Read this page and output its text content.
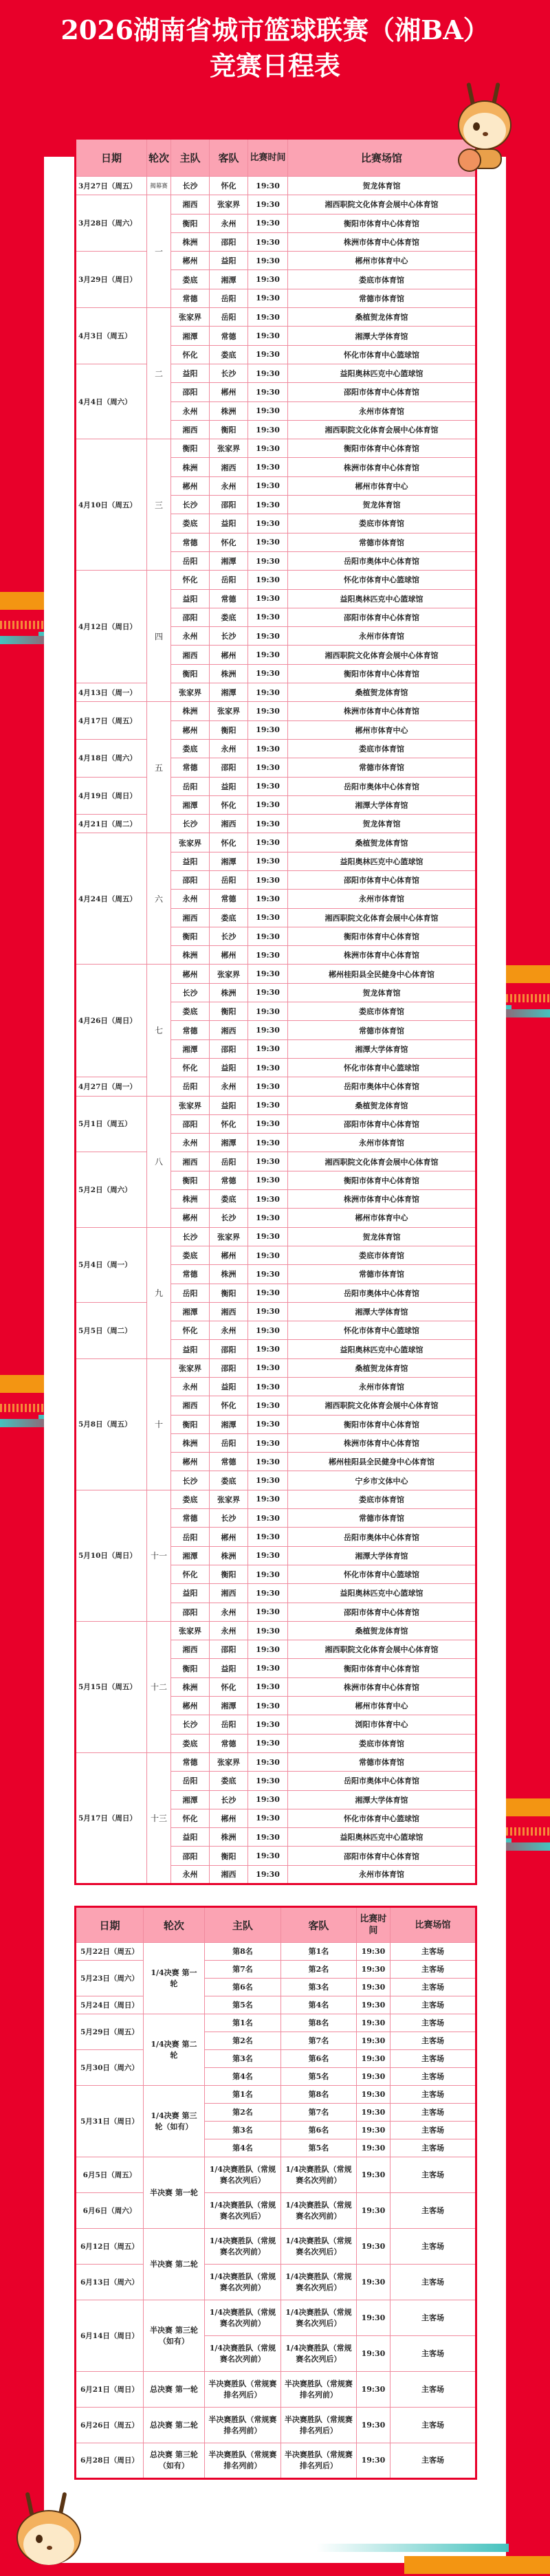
2026湖南省城市篮球联赛（湘BA）
竞赛日程表
日期	轮次	主队	客队	比赛时间	比赛场馆
3月27日（周五）	揭幕赛	长沙	怀化	19:30	贺龙体育馆
3月28日（周六）	一	湘西	张家界	19:30	湘西职院文化体育会展中心体育馆
		衡阳	永州	19:30	衡阳市体育中心体育馆
		株洲	邵阳	19:30	株洲市体育中心体育馆
3月29日（周日）		郴州	益阳	19:30	郴州市体育中心
		娄底	湘潭	19:30	娄底市体育馆
		常德	岳阳	19:30	常德市体育馆
4月3日（周五）	二	张家界	岳阳	19:30	桑植贺龙体育馆
		湘潭	常德	19:30	湘潭大学体育馆
		怀化	娄底	19:30	怀化市体育中心篮球馆
4月4日（周六）		益阳	长沙	19:30	益阳奥林匹克中心篮球馆
		邵阳	郴州	19:30	邵阳市体育中心体育馆
		永州	株洲	19:30	永州市体育馆
		湘西	衡阳	19:30	湘西职院文化体育会展中心体育馆
4月10日（周五）	三	衡阳	张家界	19:30	衡阳市体育中心体育馆
		株洲	湘西	19:30	株洲市体育中心体育馆
		郴州	永州	19:30	郴州市体育中心
		长沙	邵阳	19:30	贺龙体育馆
		娄底	益阳	19:30	娄底市体育馆
		常德	怀化	19:30	常德市体育馆
		岳阳	湘潭	19:30	岳阳市奥体中心体育馆
4月12日（周日）	四	怀化	岳阳	19:30	怀化市体育中心篮球馆
		益阳	常德	19:30	益阳奥林匹克中心篮球馆
		邵阳	娄底	19:30	邵阳市体育中心体育馆
		永州	长沙	19:30	永州市体育馆
		湘西	郴州	19:30	湘西职院文化体育会展中心体育馆
		衡阳	株洲	19:30	衡阳市体育中心体育馆
4月13日（周一）		张家界	湘潭	19:30	桑植贺龙体育馆
4月17日（周五）	五	株洲	张家界	19:30	株洲市体育中心体育馆
		郴州	衡阳	19:30	郴州市体育中心
4月18日（周六）		娄底	永州	19:30	娄底市体育馆
		常德	邵阳	19:30	常德市体育馆
4月19日（周日）		岳阳	益阳	19:30	岳阳市奥体中心体育馆
		湘潭	怀化	19:30	湘潭大学体育馆
4月21日（周二）		长沙	湘西	19:30	贺龙体育馆
4月24日（周五）	六	张家界	怀化	19:30	桑植贺龙体育馆
		益阳	湘潭	19:30	益阳奥林匹克中心篮球馆
		邵阳	岳阳	19:30	邵阳市体育中心体育馆
		永州	常德	19:30	永州市体育馆
		湘西	娄底	19:30	湘西职院文化体育会展中心体育馆
		衡阳	长沙	19:30	衡阳市体育中心体育馆
		株洲	郴州	19:30	株洲市体育中心体育馆
4月26日（周日）	七	郴州	张家界	19:30	郴州桂阳县全民健身中心体育馆
		长沙	株洲	19:30	贺龙体育馆
		娄底	衡阳	19:30	娄底市体育馆
		常德	湘西	19:30	常德市体育馆
		湘潭	邵阳	19:30	湘潭大学体育馆
		怀化	益阳	19:30	怀化市体育中心篮球馆
4月27日（周一）		岳阳	永州	19:30	岳阳市奥体中心体育馆
5月1日（周五）	八	张家界	益阳	19:30	桑植贺龙体育馆
		邵阳	怀化	19:30	邵阳市体育中心体育馆
		永州	湘潭	19:30	永州市体育馆
5月2日（周六）		湘西	岳阳	19:30	湘西职院文化体育会展中心体育馆
		衡阳	常德	19:30	衡阳市体育中心体育馆
		株洲	娄底	19:30	株洲市体育中心体育馆
		郴州	长沙	19:30	郴州市体育中心
5月4日（周一）	九	长沙	张家界	19:30	贺龙体育馆
		娄底	郴州	19:30	娄底市体育馆
		常德	株洲	19:30	常德市体育馆
		岳阳	衡阳	19:30	岳阳市奥体中心体育馆
5月5日（周二）		湘潭	湘西	19:30	湘潭大学体育馆
		怀化	永州	19:30	怀化市体育中心篮球馆
		益阳	邵阳	19:30	益阳奥林匹克中心篮球馆
5月8日（周五）	十	张家界	邵阳	19:30	桑植贺龙体育馆
		永州	益阳	19:30	永州市体育馆
		湘西	怀化	19:30	湘西职院文化体育会展中心体育馆
		衡阳	湘潭	19:30	衡阳市体育中心体育馆
		株洲	岳阳	19:30	株洲市体育中心体育馆
		郴州	常德	19:30	郴州桂阳县全民健身中心体育馆
		长沙	娄底	19:30	宁乡市文体中心
5月10日（周日）	十一	娄底	张家界	19:30	娄底市体育馆
		常德	长沙	19:30	常德市体育馆
		岳阳	郴州	19:30	岳阳市奥体中心体育馆
		湘潭	株洲	19:30	湘潭大学体育馆
		怀化	衡阳	19:30	怀化市体育中心篮球馆
		益阳	湘西	19:30	益阳奥林匹克中心篮球馆
		邵阳	永州	19:30	邵阳市体育中心体育馆
5月15日（周五）	十二	张家界	永州	19:30	桑植贺龙体育馆
		湘西	邵阳	19:30	湘西职院文化体育会展中心体育馆
		衡阳	益阳	19:30	衡阳市体育中心体育馆
		株洲	怀化	19:30	株洲市体育中心体育馆
		郴州	湘潭	19:30	郴州市体育中心
		长沙	岳阳	19:30	浏阳市体育中心
		娄底	常德	19:30	娄底市体育馆
5月17日（周日）	十三	常德	张家界	19:30	常德市体育馆
		岳阳	娄底	19:30	岳阳市奥体中心体育馆
		湘潭	长沙	19:30	湘潭大学体育馆
		怀化	郴州	19:30	怀化市体育中心篮球馆
		益阳	株洲	19:30	益阳奥林匹克中心篮球馆
		邵阳	衡阳	19:30	邵阳市体育中心体育馆
		永州	湘西	19:30	永州市体育馆
日期	轮次	主队	客队	比赛时间	比赛场馆
5月22日（周五）	1/4决赛 第一轮	第8名	第1名	19:30	主客场
5月23日（周六）		第7名	第2名	19:30	主客场
		第6名	第3名	19:30	主客场
5月24日（周日）		第5名	第4名	19:30	主客场
5月29日（周五）	1/4决赛 第二轮	第1名	第8名	19:30	主客场
		第2名	第7名	19:30	主客场
5月30日（周六）		第3名	第6名	19:30	主客场
		第4名	第5名	19:30	主客场
5月31日（周日）	1/4决赛 第三轮（如有）	第1名	第8名	19:30	主客场
		第2名	第7名	19:30	主客场
		第3名	第6名	19:30	主客场
		第4名	第5名	19:30	主客场
6月5日（周五）	半决赛 第一轮	1/4决赛胜队（常规赛名次列后）	1/4决赛胜队（常规赛名次列前）	19:30	主客场
6月6日（周六）		1/4决赛胜队（常规赛名次列后）	1/4决赛胜队（常规赛名次列前）	19:30	主客场
6月12日（周五）	半决赛 第二轮	1/4决赛胜队（常规赛名次列前）	1/4决赛胜队（常规赛名次列后）	19:30	主客场
6月13日（周六）		1/4决赛胜队（常规赛名次列前）	1/4决赛胜队（常规赛名次列后）	19:30	主客场
6月14日（周日）	半决赛 第三轮（如有）	1/4决赛胜队（常规赛名次列前）	1/4决赛胜队（常规赛名次列后）	19:30	主客场
		1/4决赛胜队（常规赛名次列前）	1/4决赛胜队（常规赛名次列后）	19:30	主客场
6月21日（周日）	总决赛 第一轮	半决赛胜队（常规赛排名列后）	半决赛胜队（常规赛排名列前）	19:30	主客场
6月26日（周五）	总决赛 第二轮	半决赛胜队（常规赛排名列前）	半决赛胜队（常规赛排名列后）	19:30	主客场
6月28日（周日）	总决赛 第三轮（如有）	半决赛胜队（常规赛排名列前）	半决赛胜队（常规赛排名列后）	19:30	主客场
